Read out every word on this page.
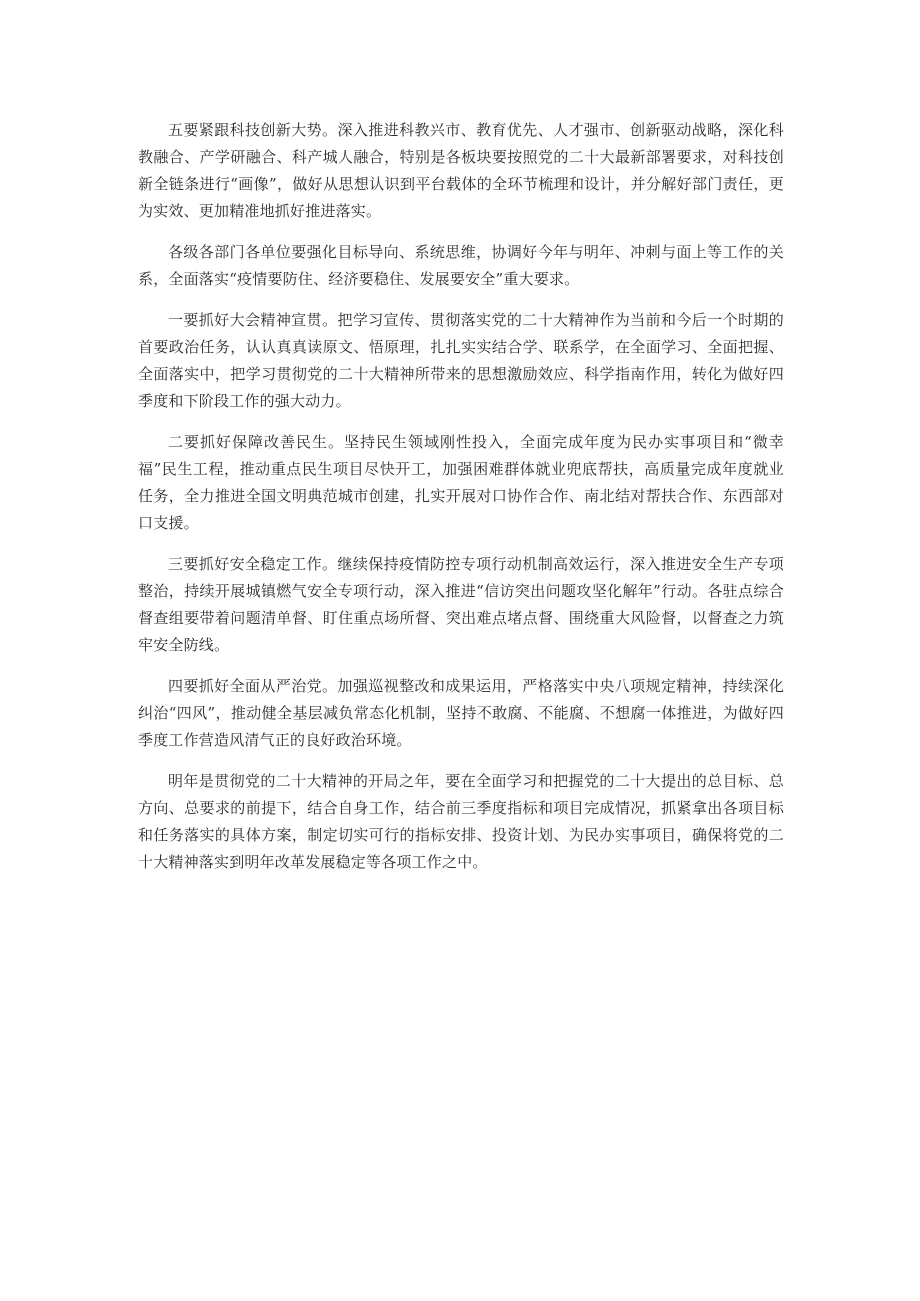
五要紧跟科技创新大势。深入推进科教兴市、教育优先、人才强市、创新驱动战略，深化科教融合、产学研融合、科产城人融合，特别是各板块要按照党的二十大最新部署要求，对科技创新全链条进行“画像”，做好从思想认识到平台载体的全环节梳理和设计，并分解好部门责任，更为实效、更加精准地抓好推进落实。

各级各部门各单位要强化目标导向、系统思维，协调好今年与明年、冲刺与面上等工作的关系，全面落实“疫情要防住、经济要稳住、发展要安全”重大要求。

一要抓好大会精神宣贯。把学习宣传、贯彻落实党的二十大精神作为当前和今后一个时期的首要政治任务，认认真真读原文、悟原理，扎扎实实结合学、联系学，在全面学习、全面把握、全面落实中，把学习贯彻党的二十大精神所带来的思想激励效应、科学指南作用，转化为做好四季度和下阶段工作的强大动力。

二要抓好保障改善民生。坚持民生领域刚性投入，全面完成年度为民办实事项目和“微幸福”民生工程，推动重点民生项目尽快开工，加强困难群体就业兜底帮扶，高质量完成年度就业任务，全力推进全国文明典范城市创建，扎实开展对口协作合作、南北结对帮扶合作、东西部对口支援。

三要抓好安全稳定工作。继续保持疫情防控专项行动机制高效运行，深入推进安全生产专项整治，持续开展城镇燃气安全专项行动，深入推进“信访突出问题攻坚化解年”行动。各驻点综合督查组要带着问题清单督、盯住重点场所督、突出难点堵点督、围绕重大风险督，以督查之力筑牢安全防线。

四要抓好全面从严治党。加强巡视整改和成果运用，严格落实中央八项规定精神，持续深化纠治“四风”，推动健全基层减负常态化机制，坚持不敢腐、不能腐、不想腐一体推进，为做好四季度工作营造风清气正的良好政治环境。

明年是贯彻党的二十大精神的开局之年，要在全面学习和把握党的二十大提出的总目标、总方向、总要求的前提下，结合自身工作，结合前三季度指标和项目完成情况，抓紧拿出各项目标和任务落实的具体方案，制定切实可行的指标安排、投资计划、为民办实事项目，确保将党的二十大精神落实到明年改革发展稳定等各项工作之中。
